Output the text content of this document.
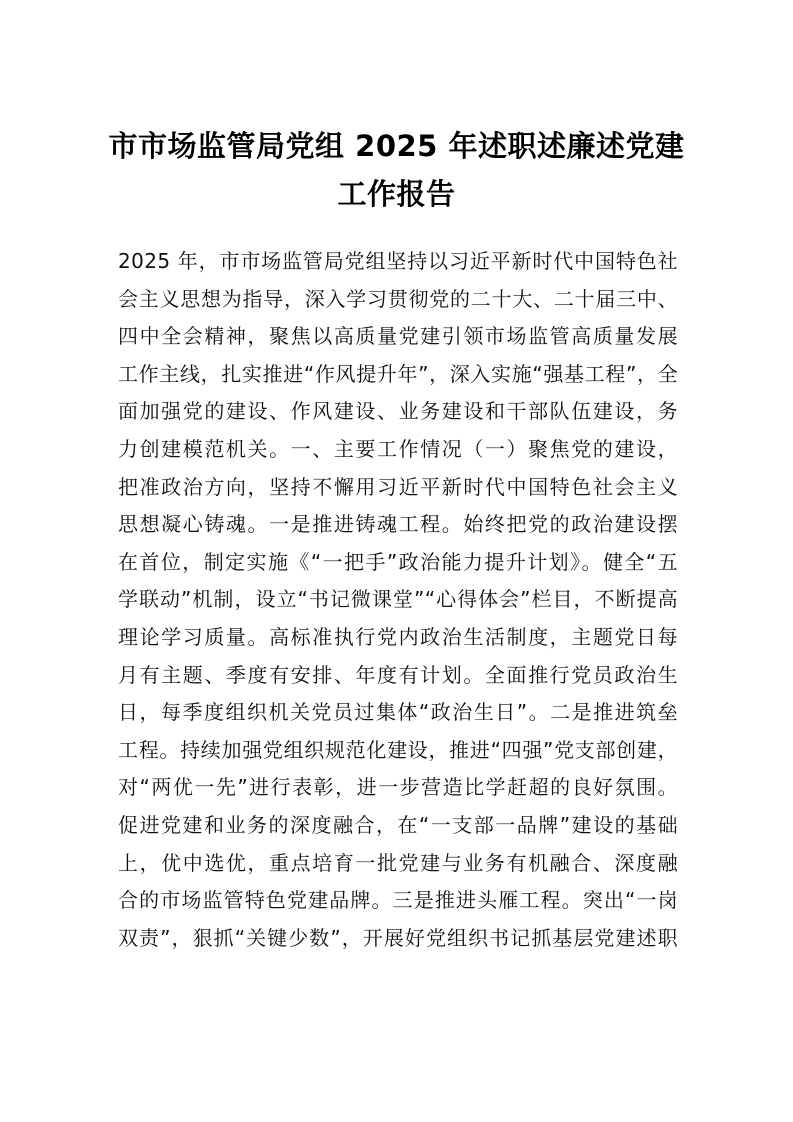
市市场监管局党组 2025 年述职述廉述党建
工作报告
2025 年，市市场监管局党组坚持以习近平新时代中国特色社
会主义思想为指导，深入学习贯彻党的二十大、二十届三中、
四中全会精神，聚焦以高质量党建引领市场监管高质量发展
工作主线，扎实推进“作风提升年”，深入实施“强基工程”，全
面加强党的建设、作风建设、业务建设和干部队伍建设，务
力创建模范机关。一、主要工作情况（一）聚焦党的建设，
把准政治方向，坚持不懈用习近平新时代中国特色社会主义
思想凝心铸魂。一是推进铸魂工程。始终把党的政治建设摆
在首位，制定实施《“一把手”政治能力提升计划》。健全“五
学联动”机制，设立“书记微课堂”“心得体会”栏目，不断提高
理论学习质量。高标准执行党内政治生活制度，主题党日每
月有主题、季度有安排、年度有计划。全面推行党员政治生
日，每季度组织机关党员过集体“政治生日”。二是推进筑垒
工程。持续加强党组织规范化建设，推进“四强”党支部创建，
对“两优一先”进行表彰，进一步营造比学赶超的良好氛围。
促进党建和业务的深度融合，在“一支部一品牌”建设的基础
上，优中选优，重点培育一批党建与业务有机融合、深度融
合的市场监管特色党建品牌。三是推进头雁工程。突出“一岗
双责”，狠抓“关键少数”，开展好党组织书记抓基层党建述职
